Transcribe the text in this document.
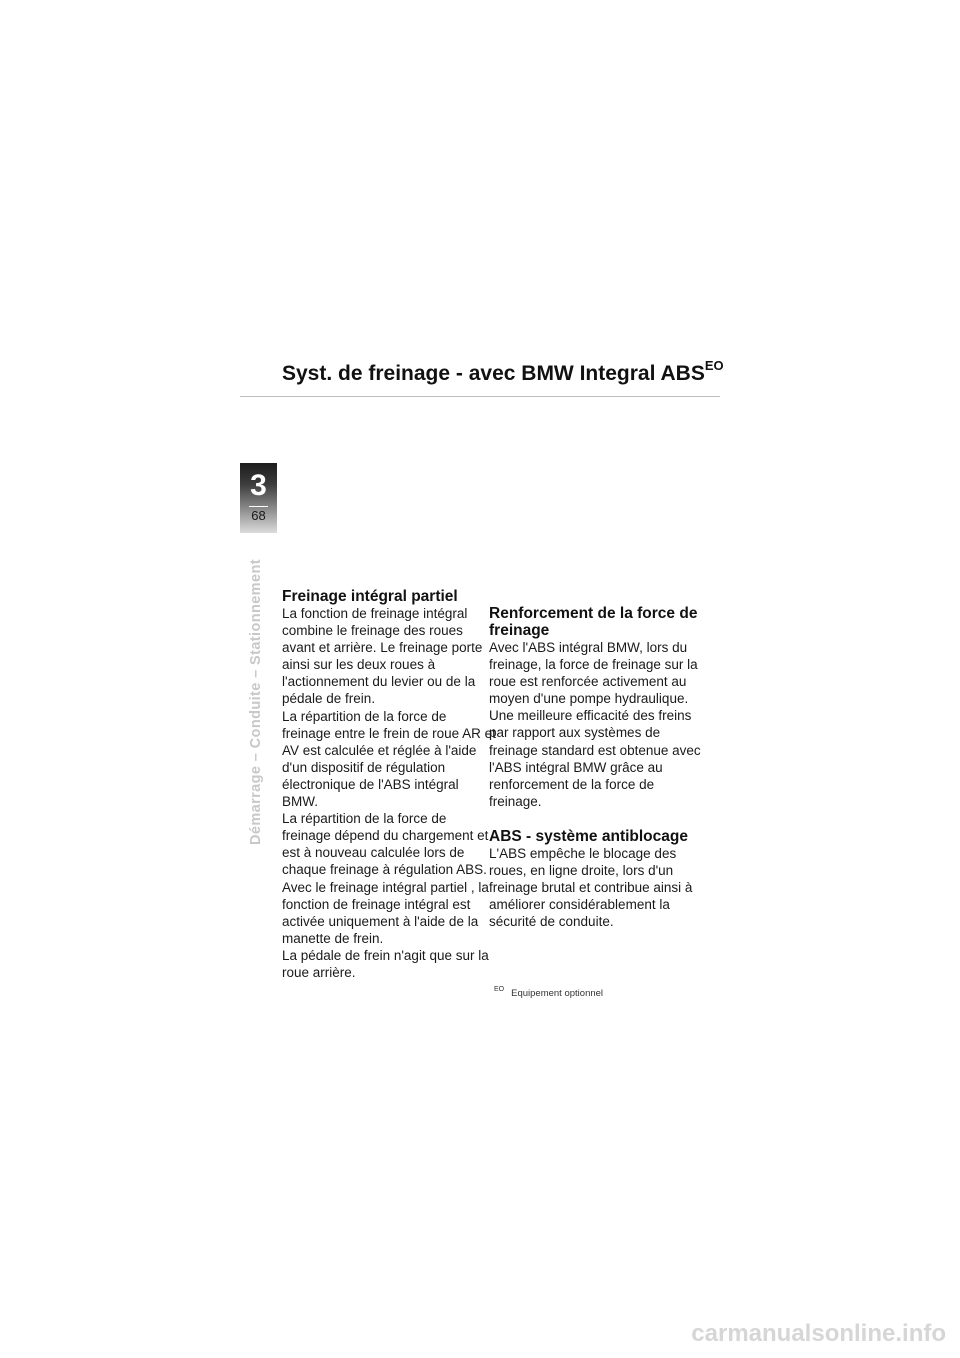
Syst. de freinage - avec BMW Integral $ABS^{EO}$
3
68
Démarrage – Conduite – Stationnement Freinage intégral partiel

La fonction de freinage intégral combine le freinage des roues avant et arrière. Le freinage porte ainsi sur les deux roues à l'actionnement du levier ou de la pédale de frein.

La répartition de la force de freinage entre le frein de roue AR et AV est calculée et réglée à l'aide d'un dispositif de régulation électronique de l'ABS intégral BMW.

La répartition de la force de freinage dépend du chargement et est à nouveau calculée lors de chaque freinage à régulation ABS.

Avec le freinage intégral partiel , la fonction de freinage intégral est activée uniquement à l'aide de la manette de frein.

La pédale de frein n'agit que sur la roue arrière.

Renforcement de la force de freinage

Avec l'ABS intégral BMW, lors du freinage, la force de freinage sur la roue est renforcée activement au moyen d'une pompe hydraulique.

Une meilleure efficacité des freins par rapport aux systèmes de freinage standard est obtenue avec l'ABS intégral BMW grâce au renforcement de la force de freinage.

ABS - système antiblocage

L'ABS empêche le blocage des roues, en ligne droite, lors d'un freinage brutal et contribue ainsi à améliorer considérablement la sécurité de conduite.

$^{EO}$ Equipement optionnel
carmanualsonline.info
